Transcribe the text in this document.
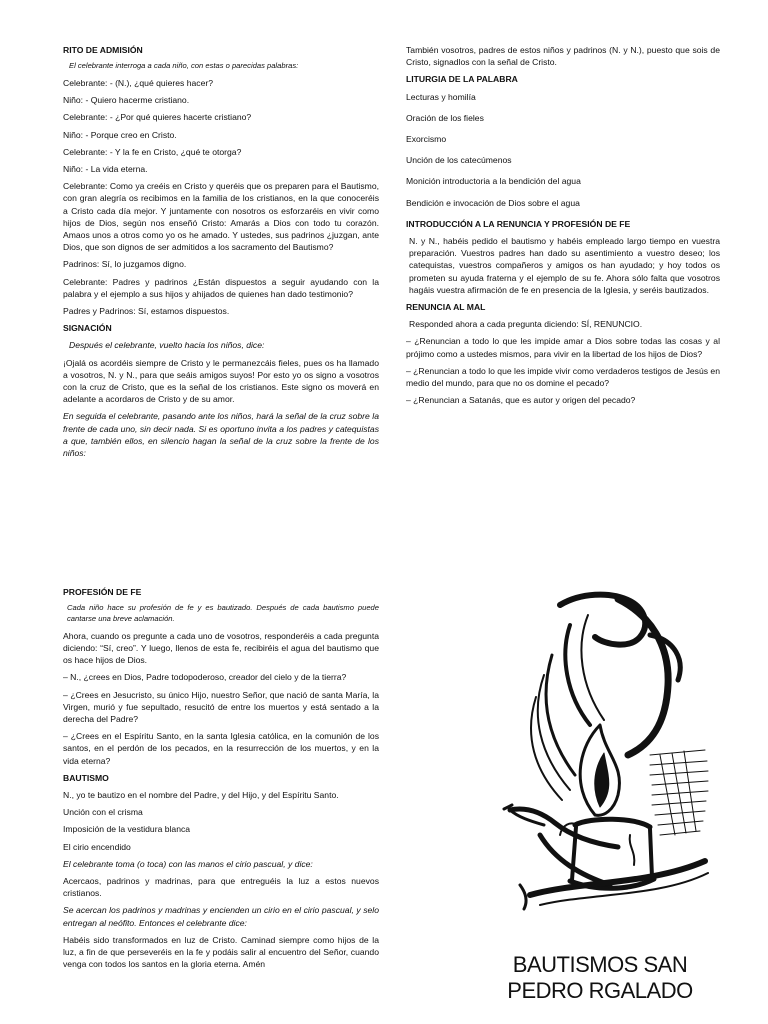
RITO DE ADMISIÓN

El celebrante interroga a cada niño, con estas o parecidas palabras:

Celebrante: - (N.), ¿qué quieres hacer?

Niño: - Quiero hacerme cristiano.

Celebrante: - ¿Por qué quieres hacerte cristiano?

Niño: - Porque creo en Cristo.

Celebrante: - Y la fe en Cristo, ¿qué te otorga?

Niño: - La vida eterna.

Celebrante: Como ya creéis en Cristo y queréis que os preparen para el Bautismo, con gran alegría os recibimos en la familia de los cristianos, en la que conoceréis a Cristo cada día mejor. Y juntamente con nosotros os esforzaréis en vivir como hijos de Dios, según nos enseñó Cristo: Amarás a Dios con todo tu corazón. Amaos unos a otros como yo os he amado. Y ustedes, sus padrinos ¿juzgan, ante Dios, que son dignos de ser admitidos a los sacramento del Bautismo?

Padrinos: Sí, lo juzgamos digno.

Celebrante: Padres y padrinos ¿Están dispuestos a seguir ayudando con la palabra y el ejemplo a sus hijos y ahijados de quienes han dado testimonio?

Padres y Padrinos: Sí, estamos dispuestos.

SIGNACIÓN

Después el celebrante, vuelto hacia los niños, dice:

¡Ojalá os acordéis siempre de Cristo y le permanezcáis fieles, pues os ha llamado a vosotros, N. y N., para que seáis amigos suyos! Por esto yo os signo a vosotros con la cruz de Cristo, que es la señal de los cristianos. Este signo os moverá en adelante a acordaros de Cristo y de su amor.

En seguida el celebrante, pasando ante los niños, hará la señal de la cruz sobre la frente de cada uno, sin decir nada. Si es oportuno invita a los padres y catequistas a que, también ellos, en silencio hagan la señal de la cruz sobre la frente de los niños:

También vosotros, padres de estos niños y padrinos (N. y N.), puesto que sois de Cristo, signadlos con la señal de Cristo.

LITURGIA DE LA PALABRA

Lecturas y homilía

Oración de los fieles

Exorcismo

Unción de los catecúmenos

Monición introductoria a la bendición del agua

Bendición e invocación de Dios sobre el agua

INTRODUCCIÓN A LA RENUNCIA Y PROFESIÓN DE FE

N. y N., habéis pedido el bautismo y habéis empleado largo tiempo en vuestra preparación. Vuestros padres han dado su asentimiento a vuestro deseo; los catequistas, vuestros compañeros y amigos os han ayudado; y hoy todos os prometen su ayuda fraterna y el ejemplo de su fe. Ahora sólo falta que vosotros hagáis vuestra afirmación de fe en presencia de la Iglesia, y seréis bautizados.

RENUNCIA AL MAL

Responded ahora a cada pregunta diciendo: SÍ, RENUNCIO.

– ¿Renuncian a todo lo que les impide amar a Dios sobre todas las cosas y al prójimo como a ustedes mismos, para vivir en la libertad de los hijos de Dios?

– ¿Renuncian a todo lo que les impide vivir como verdaderos testigos de Jesús en medio del mundo, para que no os domine el pecado?

– ¿Renuncian a Satanás, que es autor y origen del pecado?

PROFESIÓN DE FE

Cada niño hace su profesión de fe y es bautizado. Después de cada bautismo puede cantarse una breve aclamación.

Ahora, cuando os pregunte a cada uno de vosotros, responderéis a cada pregunta diciendo: “Sí, creo”. Y luego, llenos de esta fe, recibiréis el agua del bautismo que os hace hijos de Dios.

– N., ¿crees en Dios, Padre todopoderoso, creador del cielo y de la tierra?

– ¿Crees en Jesucristo, su único Hijo, nuestro Señor, que nació de santa María, la Virgen, murió y fue sepultado, resucitó de entre los muertos y está sentado a la derecha del Padre?

– ¿Crees en el Espíritu Santo, en la santa Iglesia católica, en la comunión de los santos, en el perdón de los pecados, en la resurrección de los muertos, y en la vida eterna?

BAUTISMO

N., yo te bautizo en el nombre del Padre, y del Hijo, y del Espíritu Santo.

Unción con el crisma

Imposición de la vestidura blanca

El cirio encendido

El celebrante toma (o toca) con las manos el cirio pascual, y dice:

Acercaos, padrinos y madrinas, para que entreguéis la luz a estos nuevos cristianos.

Se acercan los padrinos y madrinas y encienden un cirio en el cirio pascual, y selo entregan al neófito. Entonces el celebrante dice:

Habéis sido transformados en luz de Cristo. Caminad siempre como hijos de la luz, a fin de que perseveréis en la fe y podáis salir al encuentro del Señor, cuando venga con todos los santos en la gloria eterna. Amén	BAUTISMOS SAN
PEDRO RGALADO
